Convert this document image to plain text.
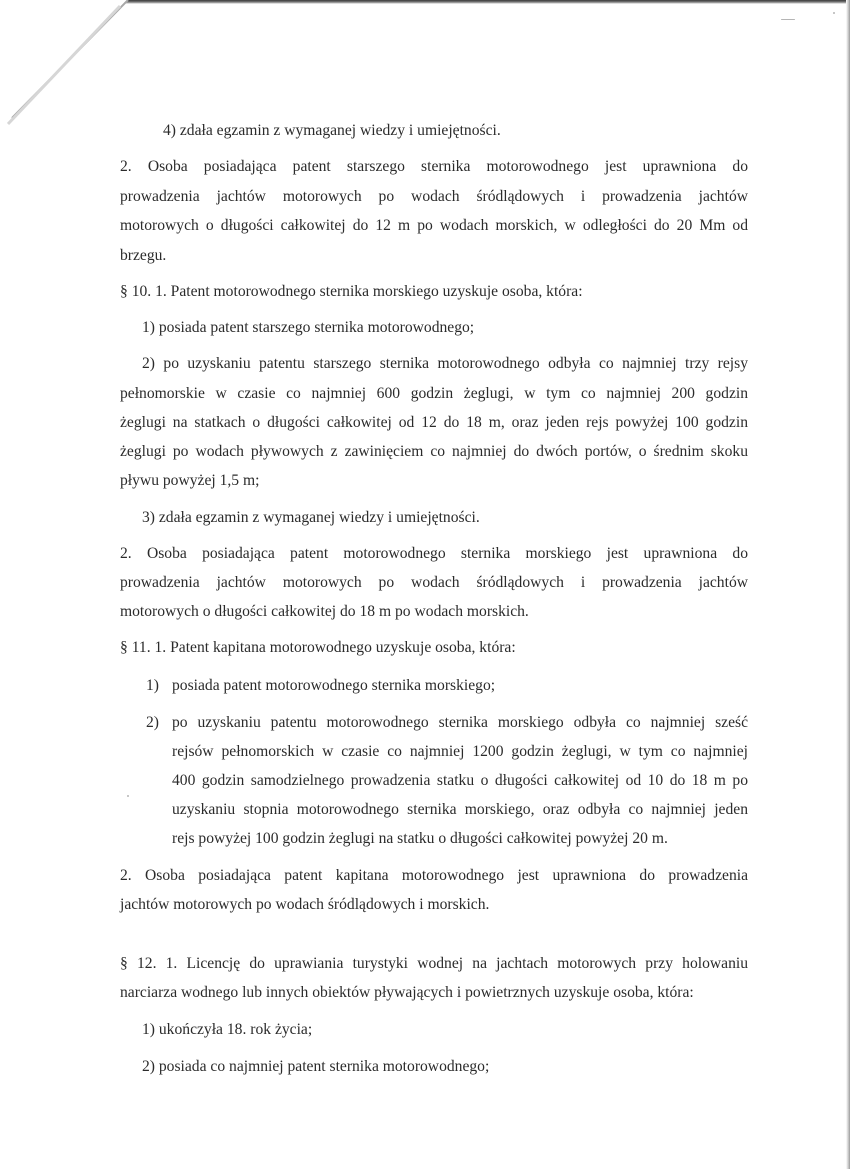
4) zdała egzamin z wymaganej wiedzy i umiejętności.
2. Osoba posiadająca patent starszego sternika motorowodnego jest uprawniona do
prowadzenia jachtów motorowych po wodach śródlądowych i prowadzenia jachtów
motorowych o długości całkowitej do 12 m po wodach morskich, w odległości do 20 Mm od
brzegu.
§ 10. 1. Patent motorowodnego sternika morskiego uzyskuje osoba, która:
1) posiada patent starszego sternika motorowodnego;
2) po uzyskaniu patentu starszego sternika motorowodnego odbyła co najmniej trzy rejsy
pełnomorskie w czasie co najmniej 600 godzin żeglugi, w tym co najmniej 200 godzin
żeglugi na statkach o długości całkowitej od 12 do 18 m, oraz jeden rejs powyżej 100 godzin
żeglugi po wodach pływowych z zawinięciem co najmniej do dwóch portów, o średnim skoku
pływu powyżej 1,5 m;
3) zdała egzamin z wymaganej wiedzy i umiejętności.
2. Osoba posiadająca patent motorowodnego sternika morskiego jest uprawniona do
prowadzenia jachtów motorowych po wodach śródlądowych i prowadzenia jachtów
motorowych o długości całkowitej do 18 m po wodach morskich.
§ 11. 1. Patent kapitana motorowodnego uzyskuje osoba, która:
1) posiada patent motorowodnego sternika morskiego;
2) po uzyskaniu patentu motorowodnego sternika morskiego odbyła co najmniej sześć
rejsów pełnomorskich w czasie co najmniej 1200 godzin żeglugi, w tym co najmniej
400 godzin samodzielnego prowadzenia statku o długości całkowitej od 10 do 18 m po
uzyskaniu stopnia motorowodnego sternika morskiego, oraz odbyła co najmniej jeden
rejs powyżej 100 godzin żeglugi na statku o długości całkowitej powyżej 20 m.
2. Osoba posiadająca patent kapitana motorowodnego jest uprawniona do prowadzenia
jachtów motorowych po wodach śródlądowych i morskich.
§ 12. 1. Licencję do uprawiania turystyki wodnej na jachtach motorowych przy holowaniu
narciarza wodnego lub innych obiektów pływających i powietrznych uzyskuje osoba, która:
1) ukończyła 18. rok życia;
2) posiada co najmniej patent sternika motorowodnego;
